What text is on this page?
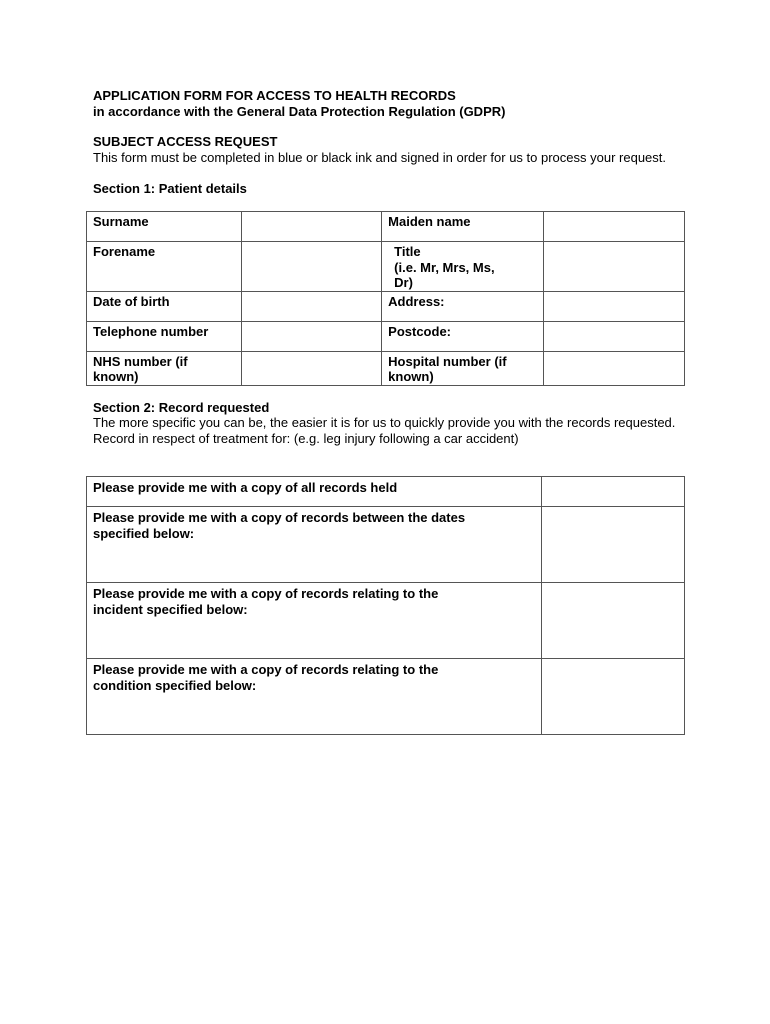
APPLICATION FORM FOR ACCESS TO HEALTH RECORDS
in accordance with the General Data Protection Regulation (GDPR)
SUBJECT ACCESS REQUEST
This form must be completed in blue or black ink and signed in order for us to process your request.
Section 1: Patient details
Surname		Maiden name	
Forename		Title
(i.e. Mr, Mrs, Ms,
Dr)	
Date of birth		Address:	
Telephone number		Postcode:	
NHS number (if
known)		Hospital number (if
known)	
Section 2: Record requested
The more specific you can be, the easier it is for us to quickly provide you with the records requested. Record in respect of treatment for: (e.g. leg injury following a car accident)
Please provide me with a copy of all records held	

Please provide me with a copy of records between the dates specified below:	

Please provide me with a copy of records relating to the incident specified below:	

Please provide me with a copy of records relating to the condition specified below:	
